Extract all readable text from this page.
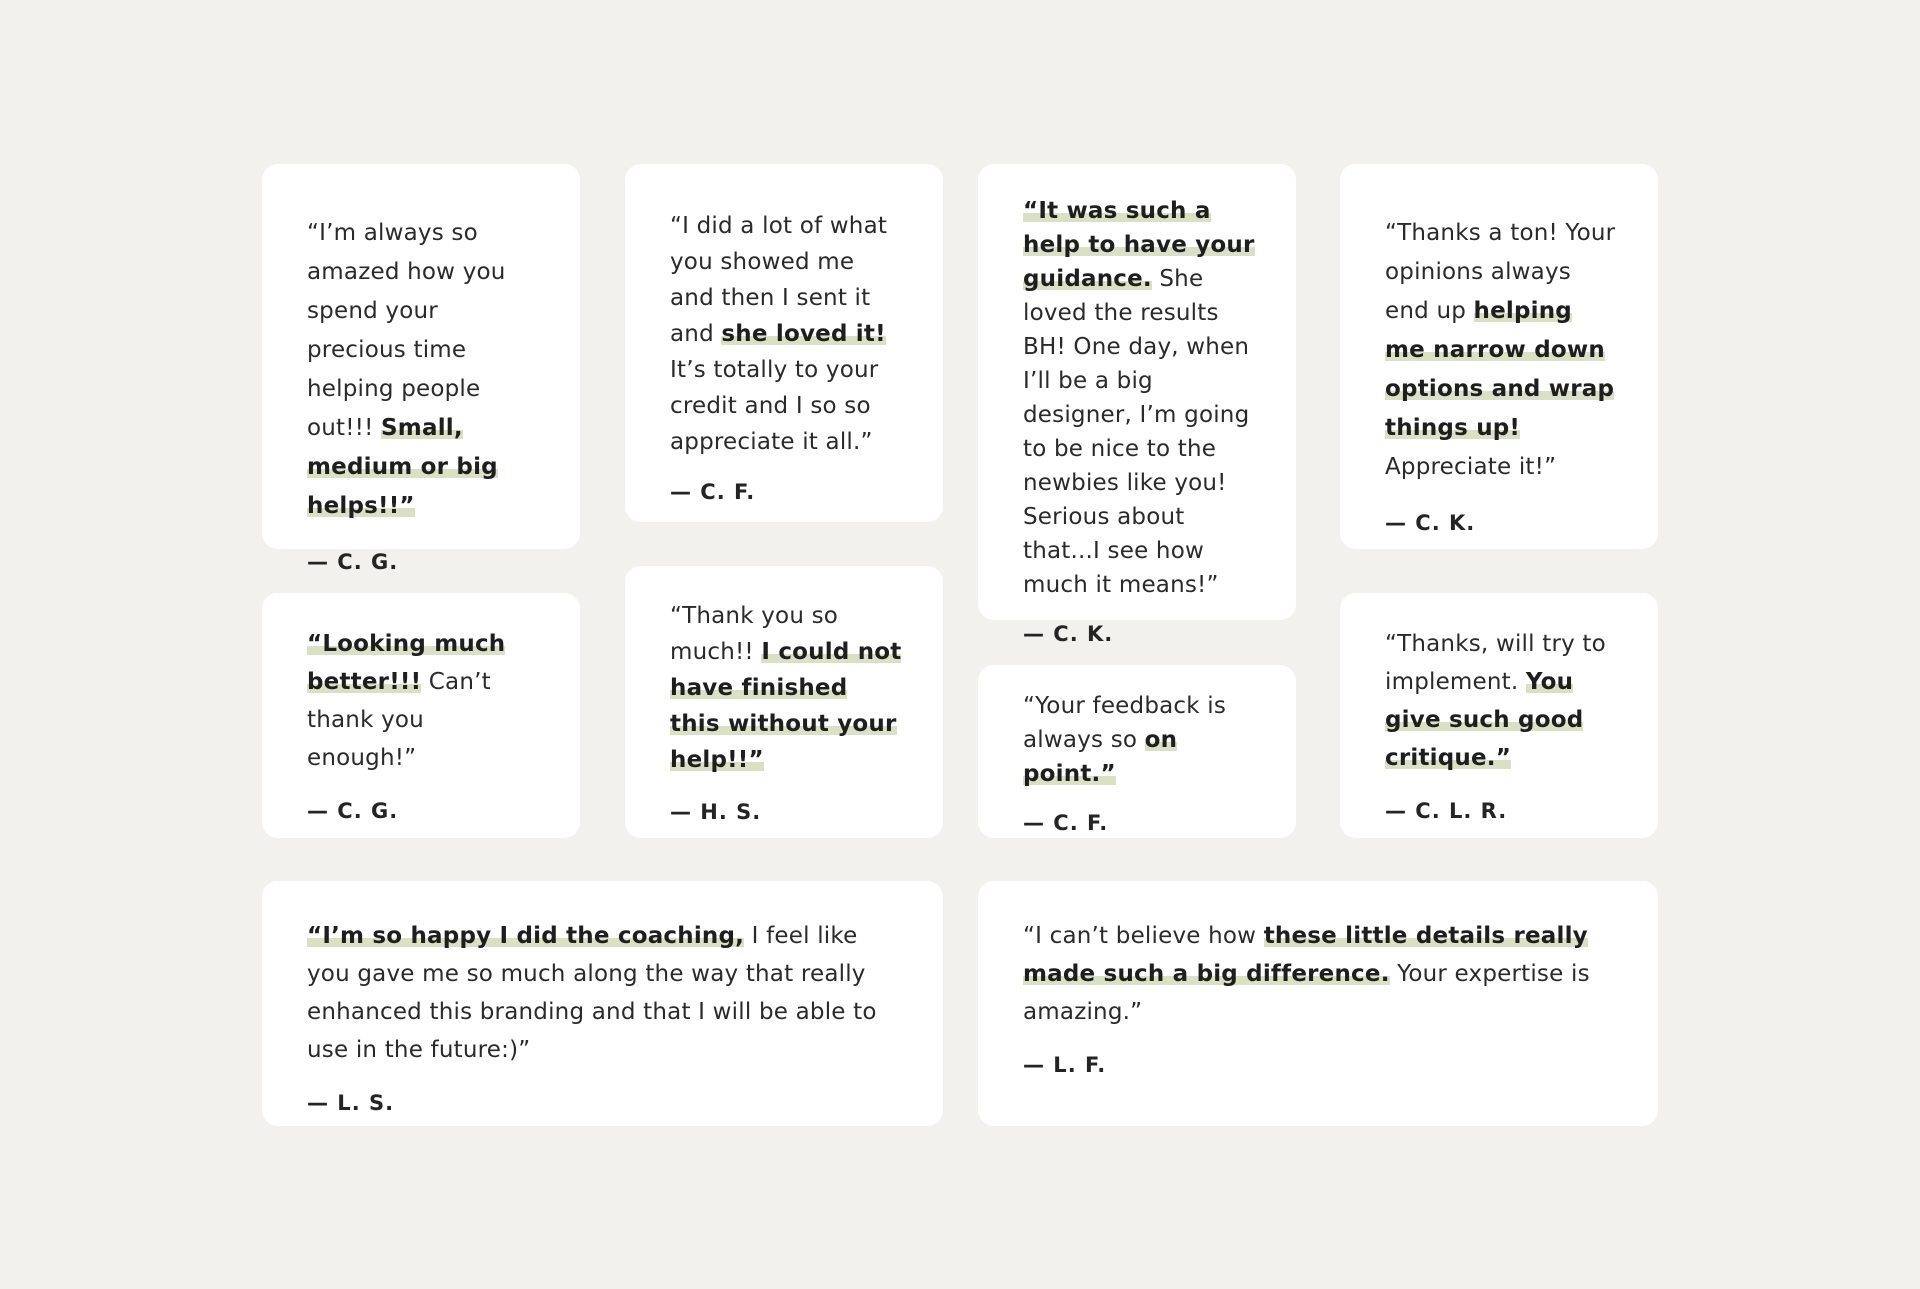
“I’m always so amazed how you spend your precious time helping people out!!! Small, medium or big helps!!”

— C. G.

“I did a lot of what you showed me and then I sent it and she loved it! It’s totally to your credit and I so so appreciate it all.”

— C. F.

“It was such a help to have your guidance. She loved the results BH! One day, when I’ll be a big designer, I’m going to be nice to the newbies like you! Serious about that...I see how much it means!”

— C. K.

“Thanks a ton! Your opinions always end up helping me narrow down options and wrap things up! Appreciate it!”

— C. K.

“Looking much better!!! Can’t thank you enough!”

— C. G.

“Thank you so much!! I could not have finished this without your help!!”

— H. S.

“Your feedback is always so on point.”

— C. F.

“Thanks, will try to implement. You give such good critique.”

— C. L. R.

“I’m so happy I did the coaching, I feel like you gave me so much along the way that really enhanced this branding and that I will be able to use in the future:)”

— L. S.

“I can’t believe how these little details really made such a big difference. Your expertise is amazing.”

— L. F.
